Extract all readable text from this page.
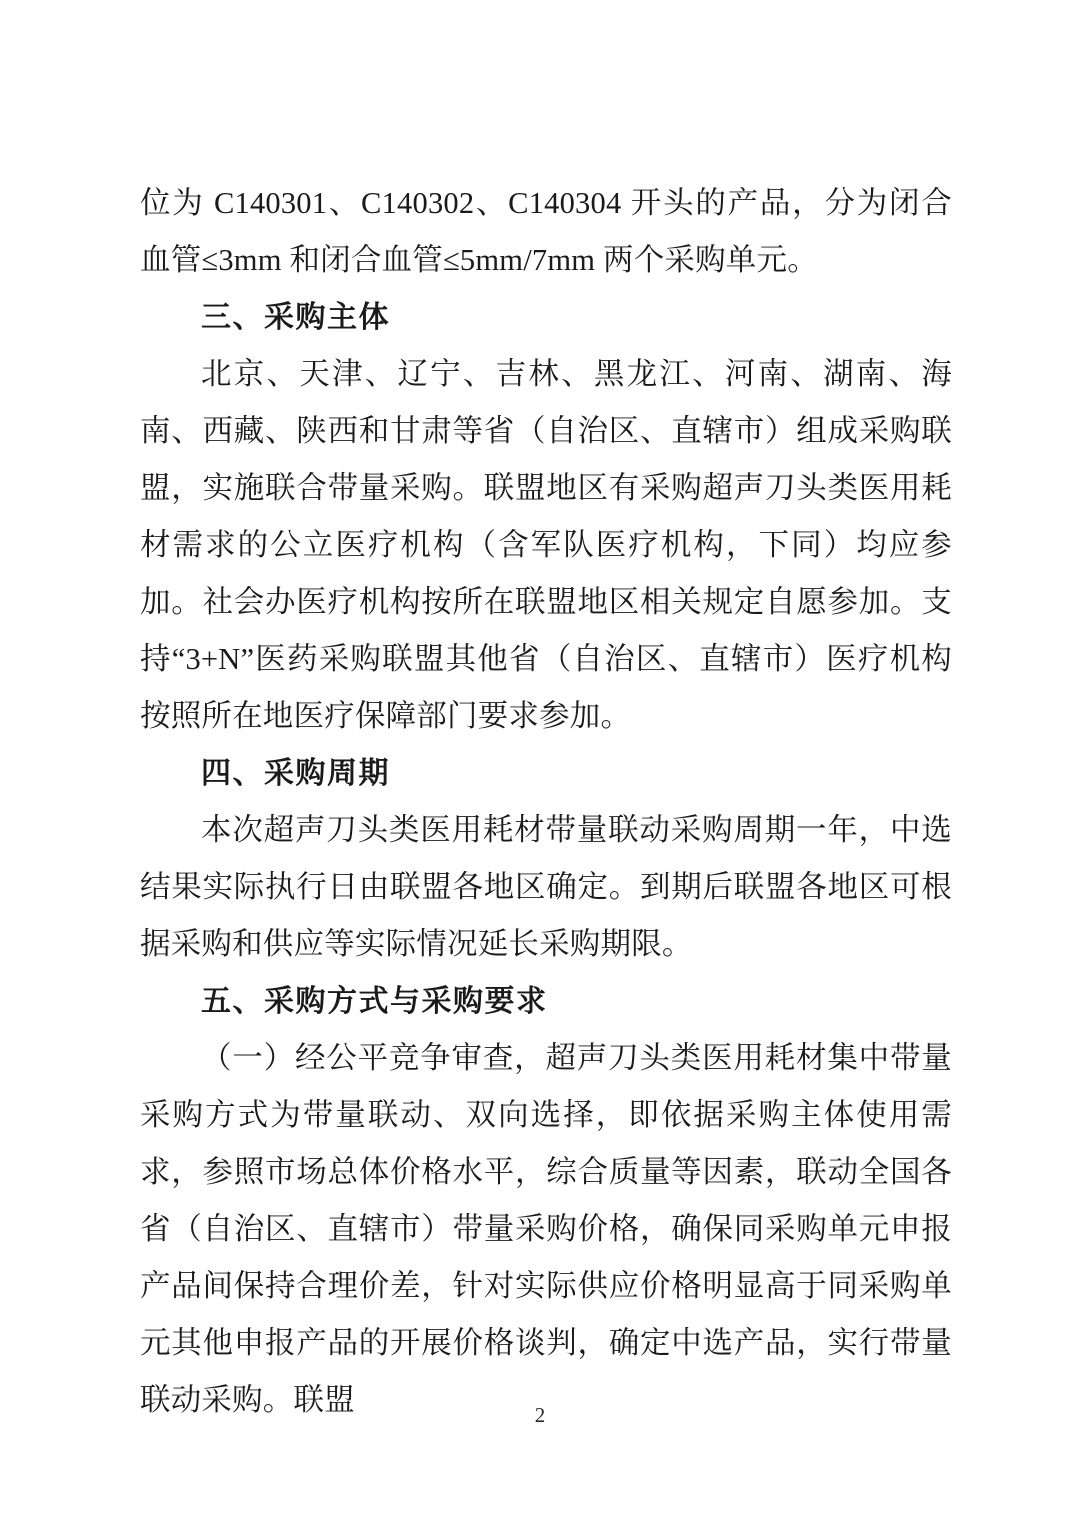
位为 C140301、C140302、C140304 开头的产品，分为闭合血管≤3mm 和闭合血管≤5mm/7mm 两个采购单元。

三、采购主体

北京、天津、辽宁、吉林、黑龙江、河南、湖南、海南、西藏、陕西和甘肃等省（自治区、直辖市）组成采购联盟，实施联合带量采购。联盟地区有采购超声刀头类医用耗材需求的公立医疗机构（含军队医疗机构，下同）均应参加。社会办医疗机构按所在联盟地区相关规定自愿参加。支持“3+N”医药采购联盟其他省（自治区、直辖市）医疗机构按照所在地医疗保障部门要求参加。

四、采购周期

本次超声刀头类医用耗材带量联动采购周期一年，中选结果实际执行日由联盟各地区确定。到期后联盟各地区可根据采购和供应等实际情况延长采购期限。

五、采购方式与采购要求

（一）经公平竞争审查，超声刀头类医用耗材集中带量采购方式为带量联动、双向选择，即依据采购主体使用需求，参照市场总体价格水平，综合质量等因素，联动全国各省（自治区、直辖市）带量采购价格，确保同采购单元申报产品间保持合理价差，针对实际供应价格明显高于同采购单元其他申报产品的开展价格谈判，确定中选产品，实行带量联动采购。联盟	2
